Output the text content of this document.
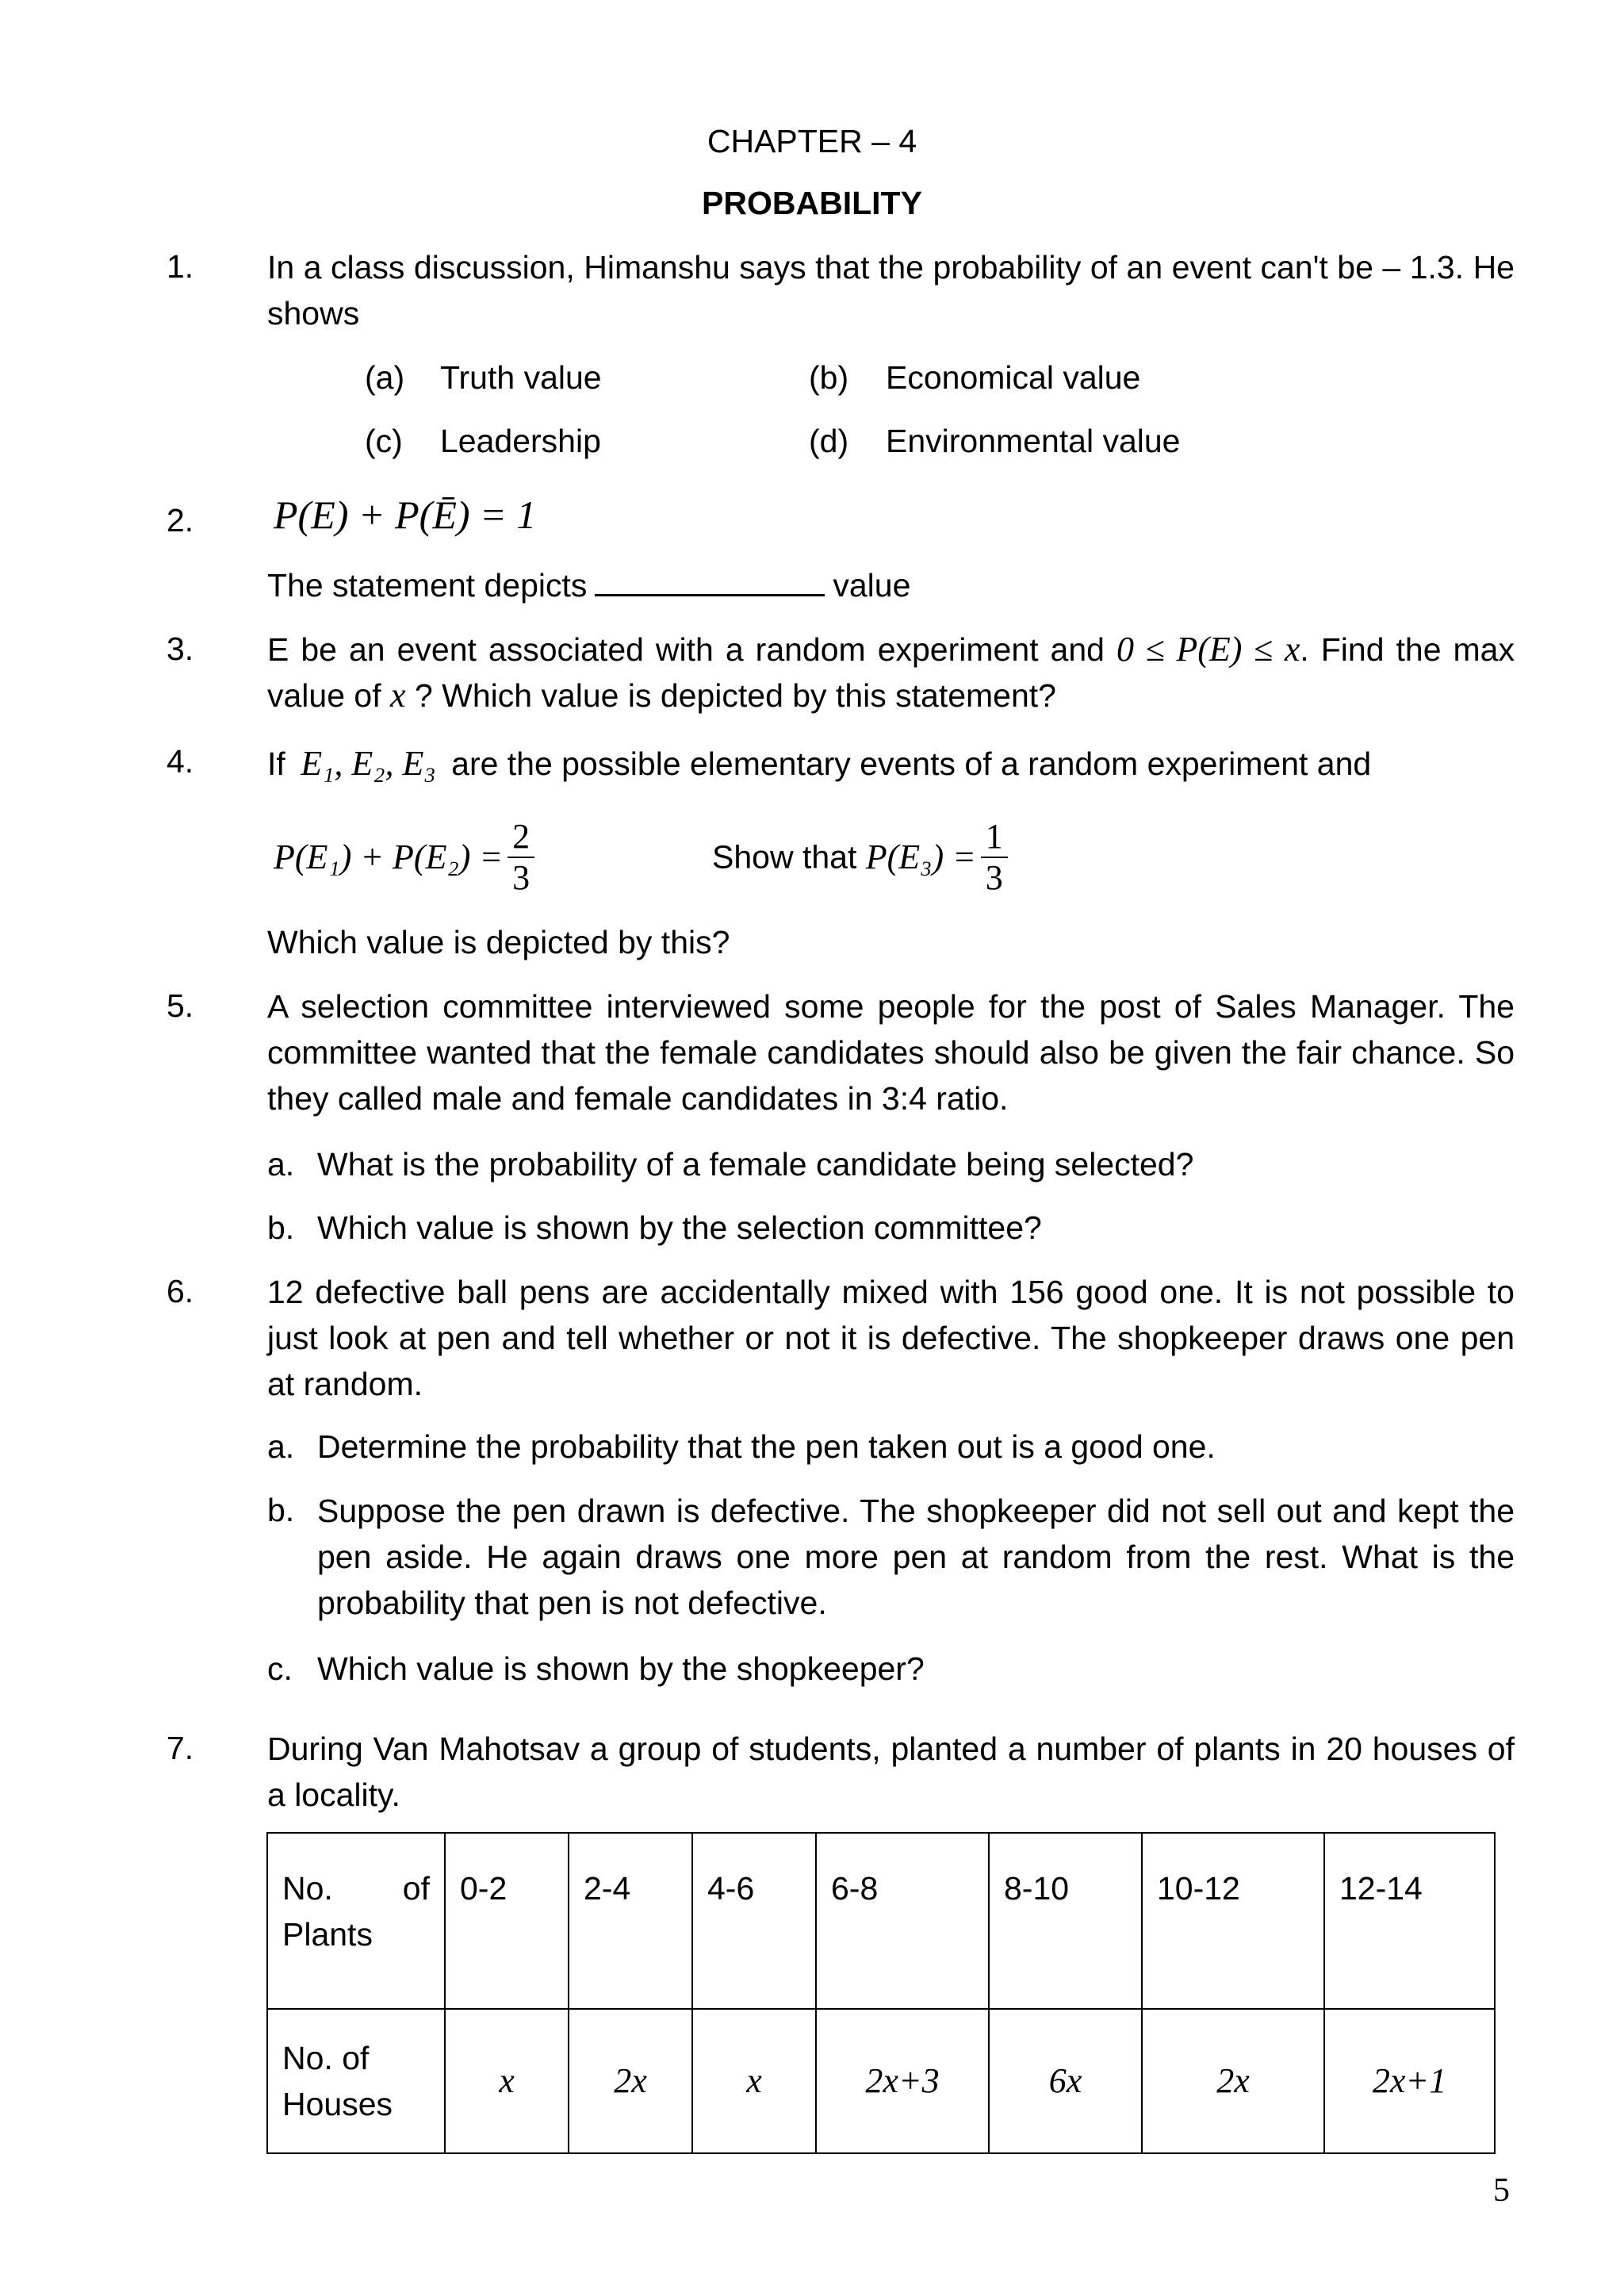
CHAPTER – 4
PROBABILITY
1. In a class discussion, Himanshu says that the probability of an event can't be – 1.3. He shows
(a) Truth value	(b) Economical value
(c) Leadership	(d) Environmental value
2. P(E) + P(Ē) = 1
The statement depicts	value
3. E be an event associated with a random experiment and 0 ≤ P(E) ≤ x. Find the max value of x ? Which value is depicted by this statement?
4. If E₁, E₂, E₃ are the possible elementary events of a random experiment and
$P(E_1) + P(E_2) = \frac{2}{3}$	Show that $P(E_3) = \frac{1}{3}$
Which value is depicted by this?
5. A selection committee interviewed some people for the post of Sales Manager. The committee wanted that the female candidates should also be given the fair chance. So they called male and female candidates in 3:4 ratio.
a. What is the probability of a female candidate being selected?
b. Which value is shown by the selection committee?
6. 12 defective ball pens are accidentally mixed with 156 good one. It is not possible to just look at pen and tell whether or not it is defective. The shopkeeper draws one pen at random.
a. Determine the probability that the pen taken out is a good one.
b. Suppose the pen drawn is defective. The shopkeeper did not sell out and kept the pen aside. He again draws one more pen at random from the rest. What is the probability that pen is not defective.
c. Which value is shown by the shopkeeper?
7. During Van Mahotsav a group of students, planted a number of plants in 20 houses of a locality.
No. of Plants	0-2	2-4	4-6	6-8	8-10	10-12	12-14
No. of Houses	x	2x	x	2x+3	6x	2x	2x+1
5
